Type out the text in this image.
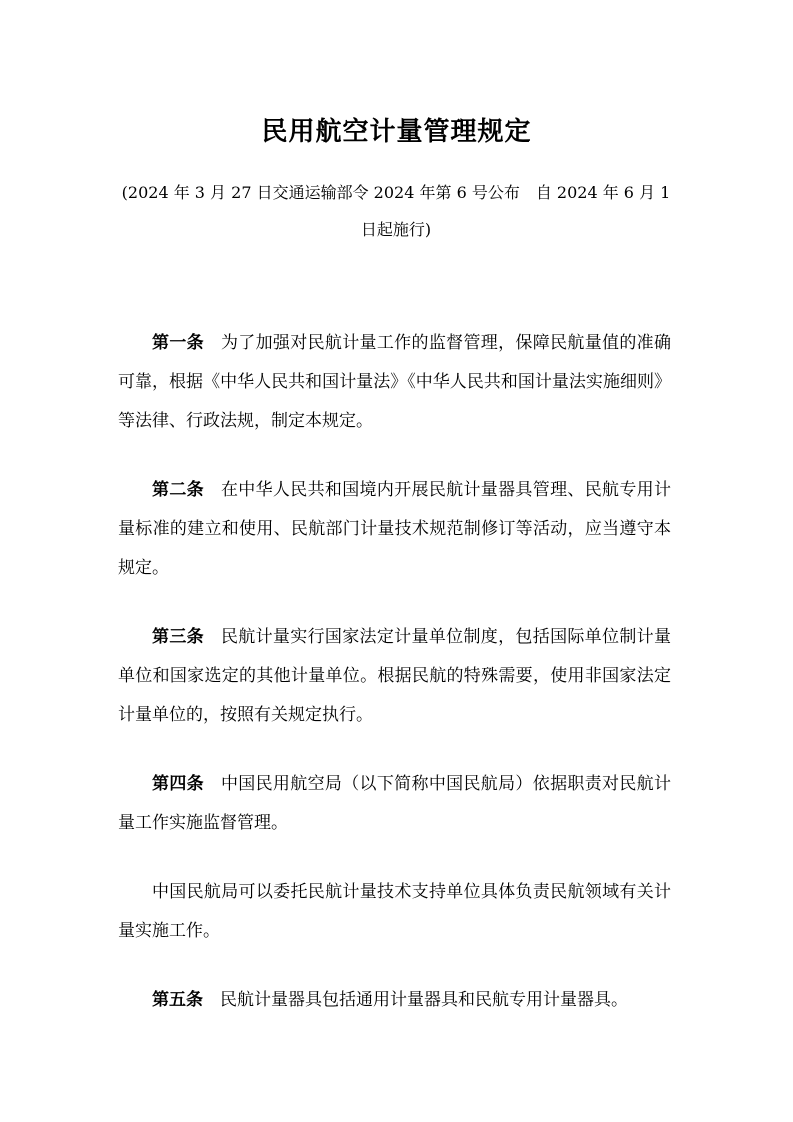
民用航空计量管理规定
(2024 年 3 月 27 日交通运输部令 2024 年第 6 号公布　自 2024 年 6 月 1 日起施行)

第一条 为了加强对民航计量工作的监督管理，保障民航量值的准确可靠，根据《中华人民共和国计量法》《中华人民共和国计量法实施细则》等法律、行政法规，制定本规定。

第二条 在中华人民共和国境内开展民航计量器具管理、民航专用计量标准的建立和使用、民航部门计量技术规范制修订等活动，应当遵守本规定。

第三条 民航计量实行国家法定计量单位制度，包括国际单位制计量单位和国家选定的其他计量单位。根据民航的特殊需要，使用非国家法定计量单位的，按照有关规定执行。

第四条 中国民用航空局（以下简称中国民航局）依据职责对民航计量工作实施监督管理。

中国民航局可以委托民航计量技术支持单位具体负责民航领域有关计量实施工作。

第五条 民航计量器具包括通用计量器具和民航专用计量器具。
